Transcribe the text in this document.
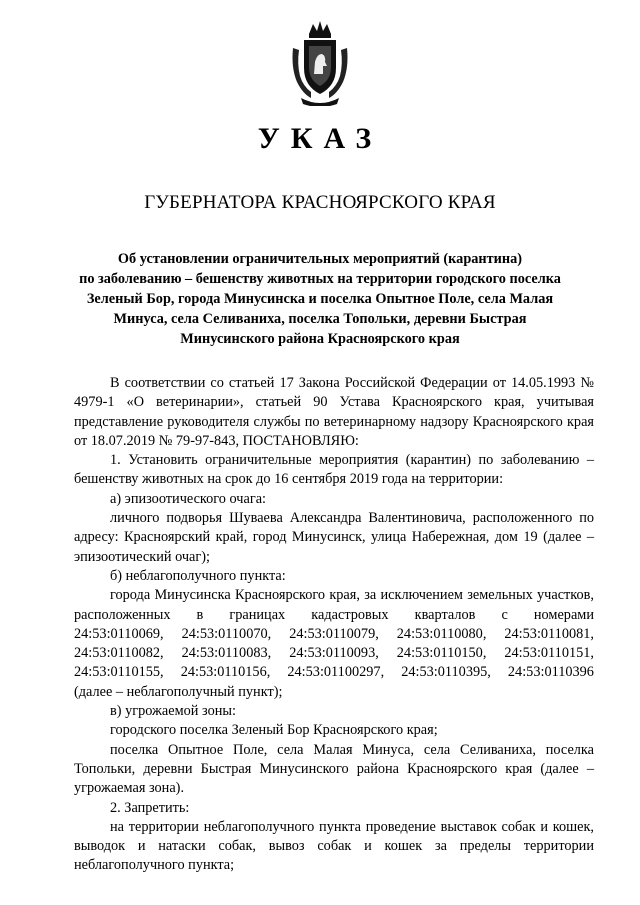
УКАЗ
ГУБЕРНАТОРА КРАСНОЯРСКОГО КРАЯ
Об установлении ограничительных мероприятий (карантина)
по заболеванию – бешенству животных на территории городского поселка
Зеленый Бор, города Минусинска и поселка Опытное Поле, села Малая
Минуса, села Селиваниха, поселка Топольки, деревни Быстрая
Минусинского района Красноярского края

В соответствии со статьей 17 Закона Российской Федерации от 14.05.1993 № 4979-1 «О ветеринарии», статьей 90 Устава Красноярского края, учитывая представление руководителя службы по ветеринарному надзору Красноярского края от 18.07.2019 № 79-97-843, ПОСТАНОВЛЯЮ:

1. Установить ограничительные мероприятия (карантин) по заболеванию – бешенству животных на срок до 16 сентября 2019 года на территории:

а) эпизоотического очага:

личного подворья Шуваева Александра Валентиновича, расположенного по адресу: Красноярский край, город Минусинск, улица Набережная, дом 19 (далее – эпизоотический очаг);

б) неблагополучного пункта:

города Минусинска Красноярского края, за исключением земельных участков, расположенных в границах кадастровых кварталов с номерами

24:53:0110069, 24:53:0110070, 24:53:0110079, 24:53:0110080, 24:53:0110081,
24:53:0110082, 24:53:0110083, 24:53:0110093, 24:53:0110150, 24:53:0110151,
24:53:0110155, 24:53:0110156, 24:53:01100297, 24:53:0110395, 24:53:0110396

(далее – неблагополучный пункт);

в) угрожаемой зоны:

городского поселка Зеленый Бор Красноярского края;

поселка Опытное Поле, села Малая Минуса, села Селиваниха, поселка Топольки, деревни Быстрая Минусинского района Красноярского края (далее – угрожаемая зона).

2. Запретить:

на территории неблагополучного пункта проведение выставок собак и кошек, выводок и натаски собак, вывоз собак и кошек за пределы территории неблагополучного пункта;
